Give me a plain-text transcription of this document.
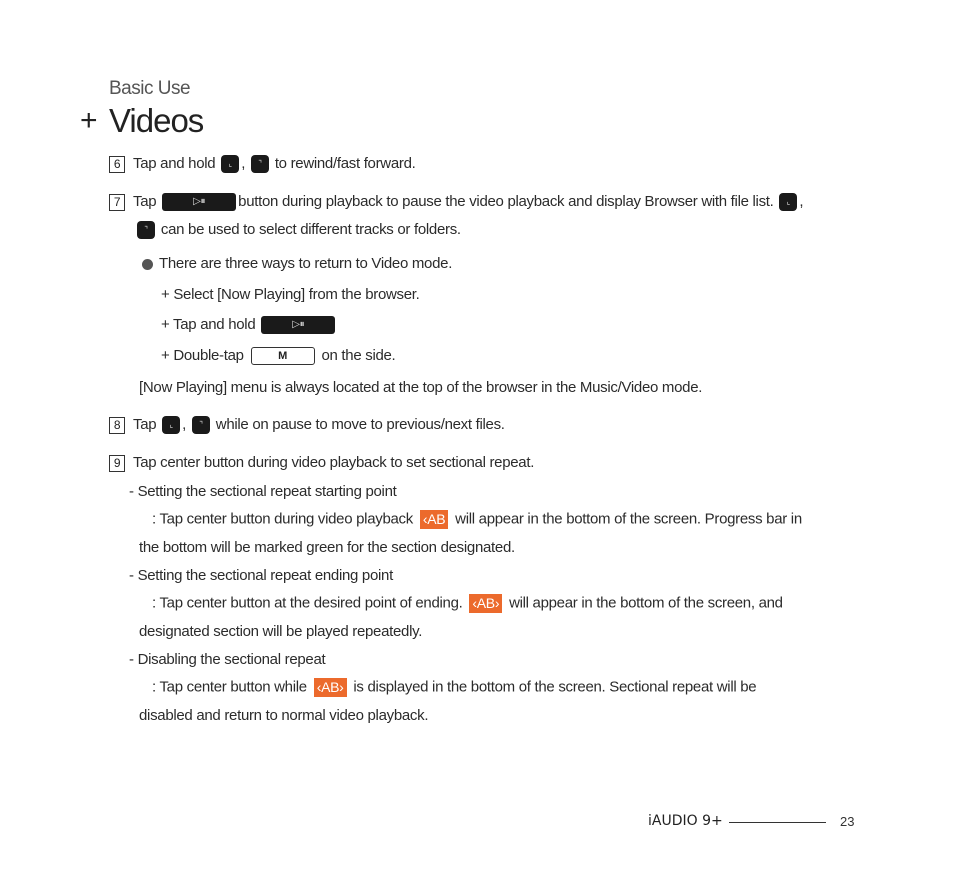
Basic Use
+ Videos
6 Tap and hold ⌞ , ⌝ to rewind/fast forward.
7 Tap	▷⏸ button during playback to pause the video playback and display Browser with file list. ⌞ ,
⌝ can be used to select different tracks or folders.
There are three ways to return to Video mode.
+ Select [Now Playing] from the browser.
+ Tap and hold	▷⏸
+ Double-tap	M on the side.
[Now Playing] menu is always located at the top of the browser in the Music/Video mode.
8 Tap ⌞ , ⌝ while on pause to move to previous/next files.
9 Tap center button during video playback to set sectional repeat.
- Setting the sectional repeat starting point
: Tap center button during video playback ‹AB will appear in the bottom of the screen. Progress bar in
the bottom will be marked green for the section designated.
- Setting the sectional repeat ending point
: Tap center button at the desired point of ending. ‹AB› will appear in the bottom of the screen, and
designated section will be played repeatedly.
- Disabling the sectional repeat
: Tap center button while ‹AB› is displayed in the bottom of the screen. Sectional repeat will be
disabled and return to normal video playback.
iAUDIO 9+	23
